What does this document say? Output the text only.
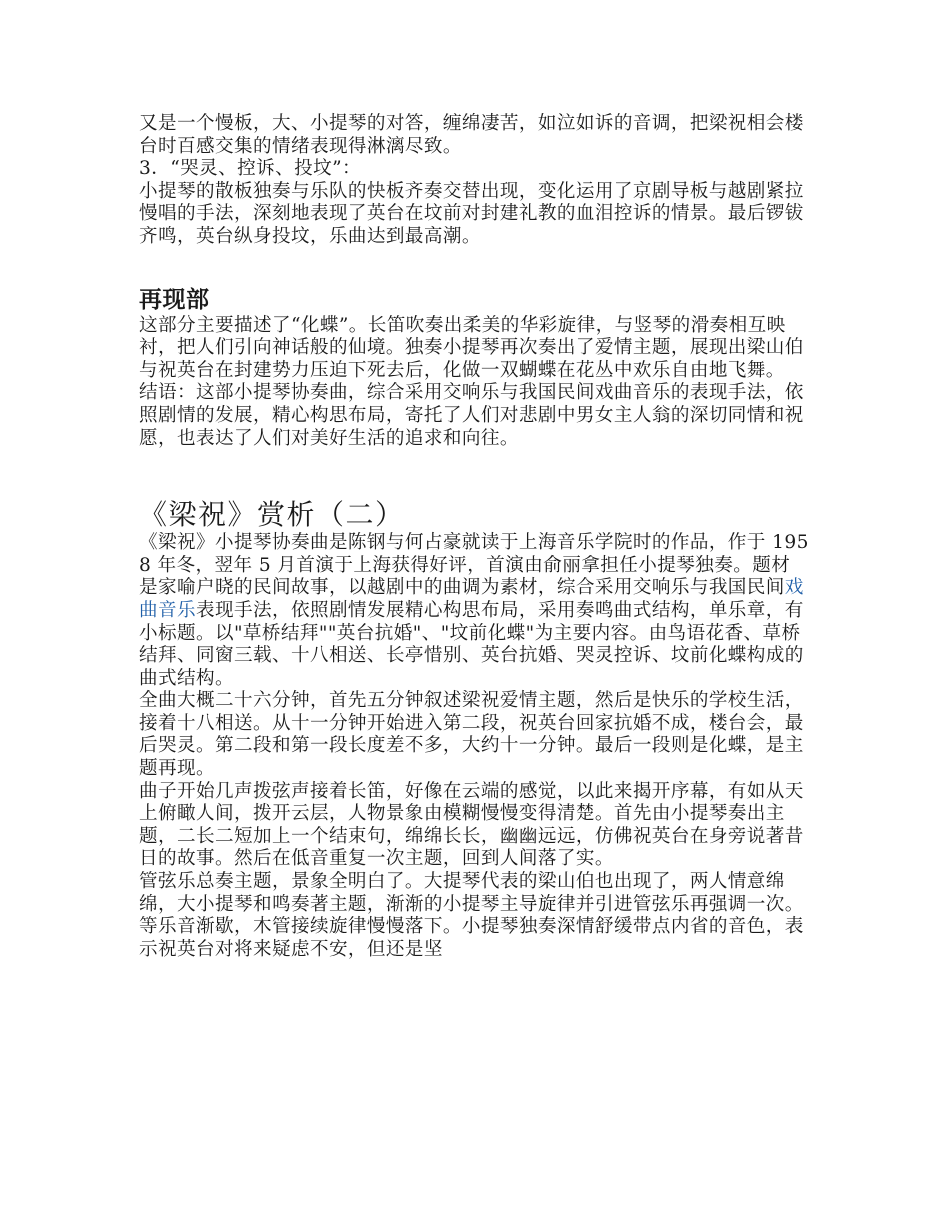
又是一个慢板，大、小提琴的对答，缠绵凄苦，如泣如诉的音调，把梁祝相会楼台时百感交集的情绪表现得淋漓尽致。

3．“哭灵、控诉、投坟”：

小提琴的散板独奏与乐队的快板齐奏交替出现，变化运用了京剧导板与越剧紧拉慢唱的手法，深刻地表现了英台在坟前对封建礼教的血泪控诉的情景。最后锣钹齐鸣，英台纵身投坟，乐曲达到最高潮。

再现部

这部分主要描述了“化蝶”。长笛吹奏出柔美的华彩旋律，与竖琴的滑奏相互映衬，把人们引向神话般的仙境。独奏小提琴再次奏出了爱情主题，展现出梁山伯与祝英台在封建势力压迫下死去后，化做一双蝴蝶在花丛中欢乐自由地飞舞。

结语：这部小提琴协奏曲，综合采用交响乐与我国民间戏曲音乐的表现手法，依照剧情的发展，精心构思布局，寄托了人们对悲剧中男女主人翁的深切同情和祝愿，也表达了人们对美好生活的追求和向往。

《梁祝》赏析（二）

《梁祝》小提琴协奏曲是陈钢与何占豪就读于上海音乐学院时的作品，作于 1958 年冬，翌年 5 月首演于上海获得好评，首演由俞丽拿担任小提琴独奏。题材是家喻户晓的民间故事，以越剧中的曲调为素材，综合采用交响乐与我国民间戏曲音乐表现手法，依照剧情发展精心构思布局，采用奏鸣曲式结构，单乐章，有小标题。以"草桥结拜""英台抗婚"、"坟前化蝶"为主要内容。由鸟语花香、草桥结拜、同窗三载、十八相送、长亭惜别、英台抗婚、哭灵控诉、坟前化蝶构成的曲式结构。

全曲大概二十六分钟，首先五分钟叙述梁祝爱情主题，然后是快乐的学校生活，接着十八相送。从十一分钟开始进入第二段，祝英台回家抗婚不成，楼台会，最后哭灵。第二段和第一段长度差不多，大约十一分钟。最后一段则是化蝶，是主题再现。

曲子开始几声拨弦声接着长笛，好像在云端的感觉，以此来揭开序幕，有如从天上俯瞰人间，拨开云层，人物景象由模糊慢慢变得清楚。首先由小提琴奏出主题，二长二短加上一个结束句，绵绵长长，幽幽远远，仿佛祝英台在身旁说著昔日的故事。然后在低音重复一次主题，回到人间落了实。

管弦乐总奏主题，景象全明白了。大提琴代表的梁山伯也出现了，两人情意绵绵，大小提琴和鸣奏著主题，渐渐的小提琴主导旋律并引进管弦乐再强调一次。等乐音渐歇，木管接续旋律慢慢落下。小提琴独奏深情舒缓带点内省的音色，表示祝英台对将来疑虑不安，但还是坚
